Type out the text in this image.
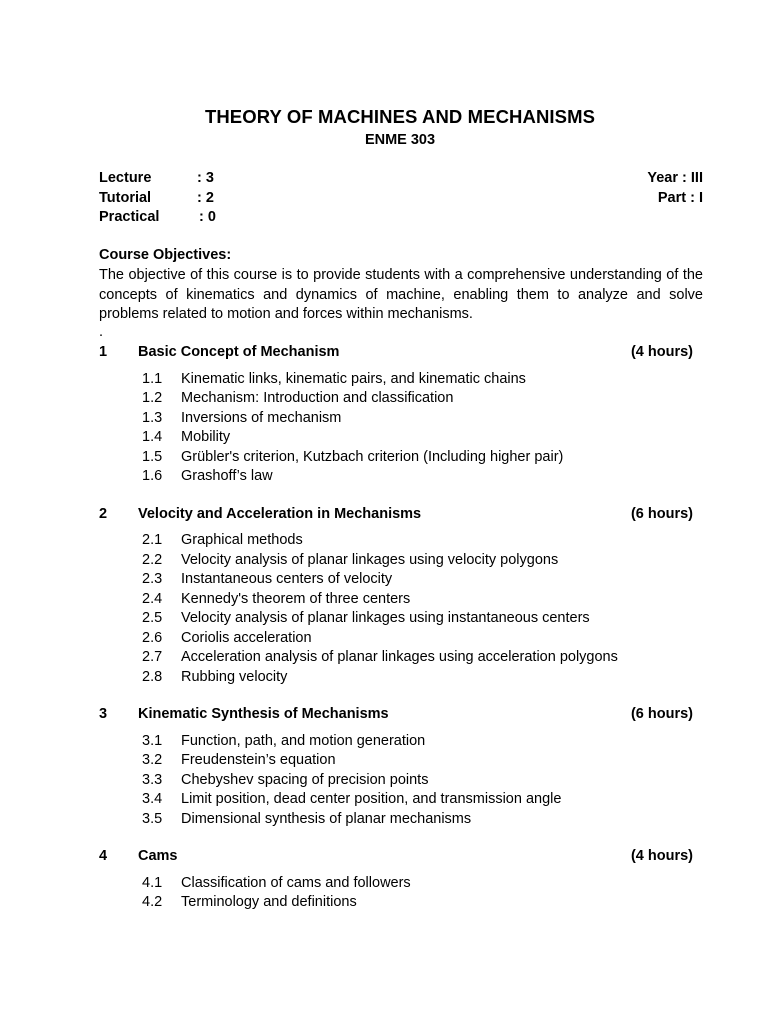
THEORY OF MACHINES AND MECHANISMS
ENME 303
Lecture	: 3
Tutorial	: 2
Practical	: 0
Year : III
Part : I
Course Objectives:
The objective of this course is to provide students with a comprehensive understanding of the concepts of kinematics and dynamics of machine, enabling them to analyze and solve problems related to motion and forces within mechanisms.
.
1	Basic Concept of Mechanism	(4 hours)
1.1	Kinematic links, kinematic pairs, and kinematic chains
1.2	Mechanism: Introduction and classification
1.3	Inversions of mechanism
1.4	Mobility
1.5	Grübler's criterion, Kutzbach criterion (Including higher pair)
1.6	Grashoff’s law
2	Velocity and Acceleration in Mechanisms	(6 hours)
2.1	Graphical methods
2.2	Velocity analysis of planar linkages using velocity polygons
2.3	Instantaneous centers of velocity
2.4	Kennedy's theorem of three centers
2.5	Velocity analysis of planar linkages using instantaneous centers
2.6	Coriolis acceleration
2.7	Acceleration analysis of planar linkages using acceleration polygons
2.8	Rubbing velocity
3	Kinematic Synthesis of Mechanisms	(6 hours)
3.1	Function, path, and motion generation
3.2	Freudenstein’s equation
3.3	Chebyshev spacing of precision points
3.4	Limit position, dead center position, and transmission angle
3.5	Dimensional synthesis of planar mechanisms
4	Cams	(4 hours)
4.1	Classification of cams and followers
4.2	Terminology and definitions
